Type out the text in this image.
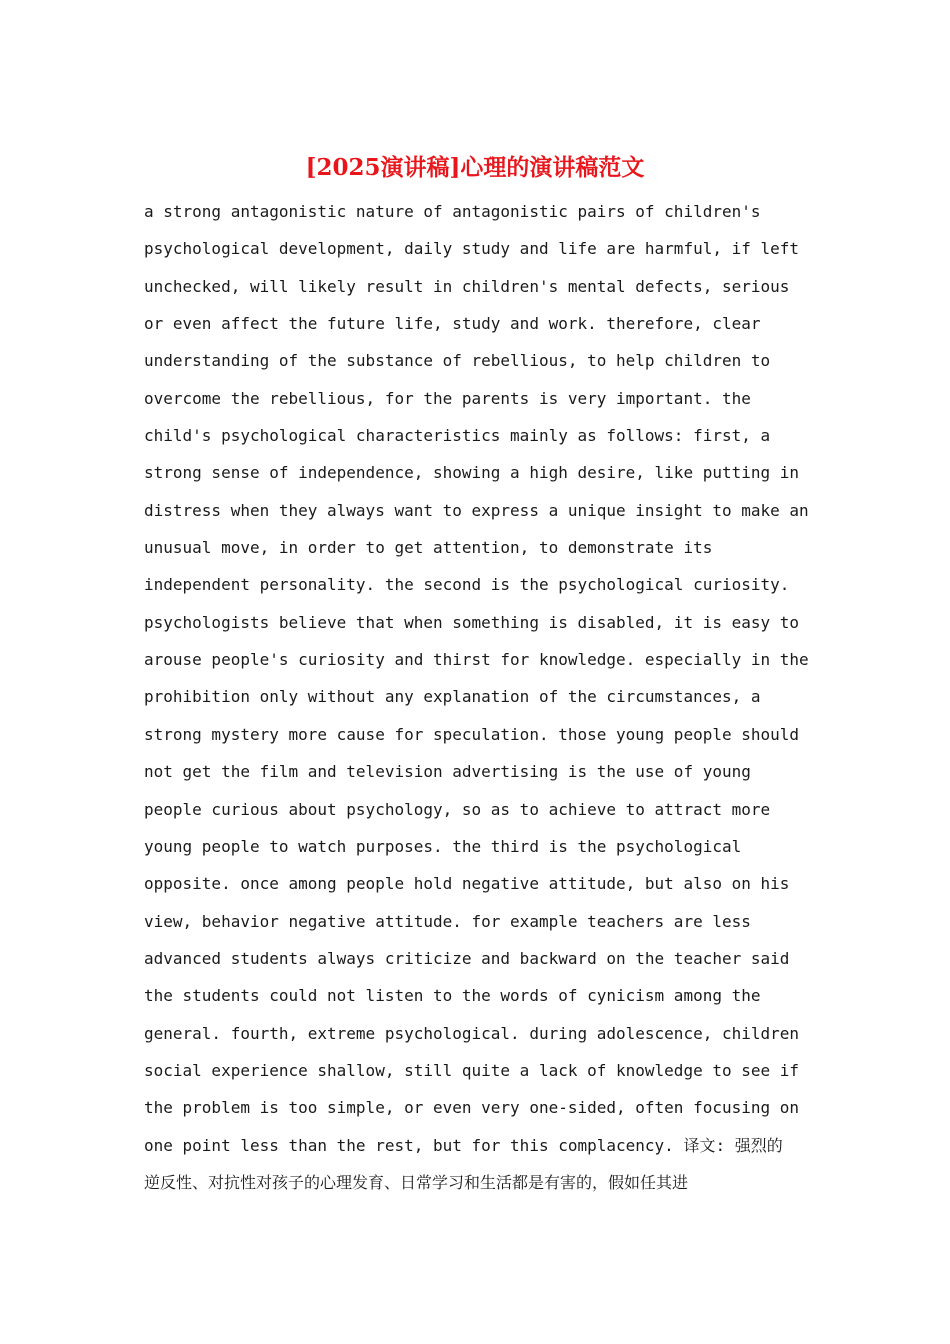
[2025演讲稿]心理的演讲稿范文
a strong antagonistic nature of antagonistic pairs of children's
psychological development, daily study and life are harmful, if left
unchecked, will likely result in children's mental defects, serious
or even affect the future life, study and work. therefore, clear
understanding of the substance of rebellious, to help children to
overcome the rebellious, for the parents is very important. the
child's psychological characteristics mainly as follows: first, a
strong sense of independence, showing a high desire, like putting in
distress when they always want to express a unique insight to make an
unusual move, in order to get attention, to demonstrate its
independent personality. the second is the psychological curiosity.
psychologists believe that when something is disabled, it is easy to
arouse people's curiosity and thirst for knowledge. especially in the
prohibition only without any explanation of the circumstances, a
strong mystery more cause for speculation. those young people should
not get the film and television advertising is the use of young
people curious about psychology, so as to achieve to attract more
young people to watch purposes. the third is the psychological
opposite. once among people hold negative attitude, but also on his
view, behavior negative attitude. for example teachers are less
advanced students always criticize and backward on the teacher said
the students could not listen to the words of cynicism among the
general. fourth, extreme psychological. during adolescence, children
social experience shallow, still quite a lack of knowledge to see if
the problem is too simple, or even very one-sided, often focusing on
one point less than the rest, but for this complacency. 译文: 强烈的
逆反性、对抗性对孩子的心理发育、日常学习和生活都是有害的，假如任其进
